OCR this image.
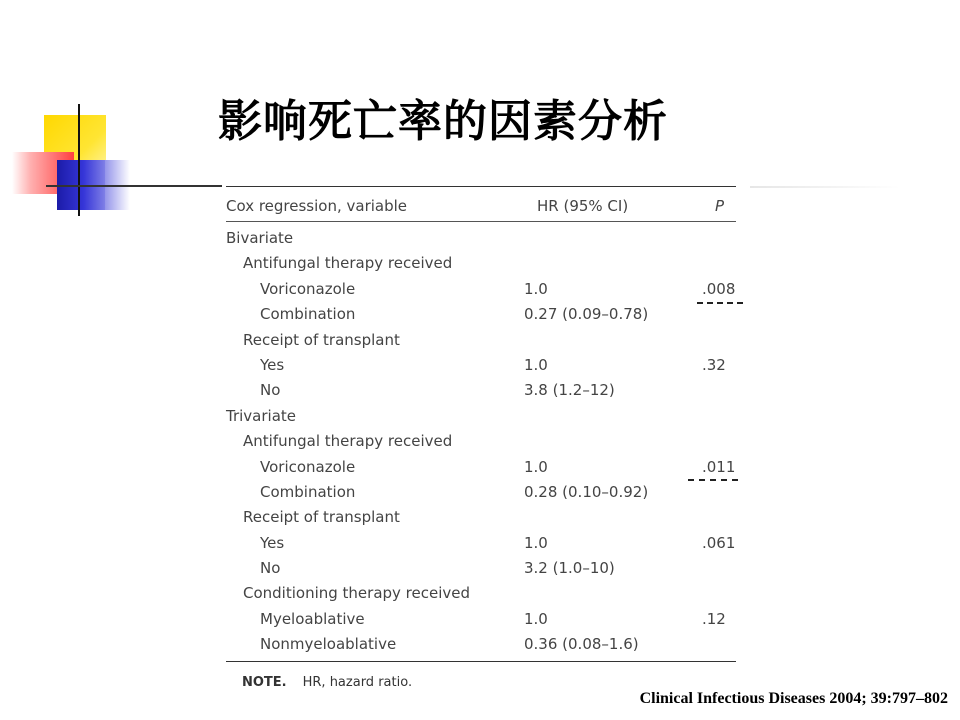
影响死亡率的因素分析
Cox regression, variable	HR (95% CI)	P
Bivariate
Antifungal therapy received
Voriconazole	1.0	.008
Combination	0.27 (0.09–0.78)
Receipt of transplant
Yes	1.0	.32
No	3.8 (1.2–12)
Trivariate
Antifungal therapy received
Voriconazole	1.0	.011
Combination	0.28 (0.10–0.92)
Receipt of transplant
Yes	1.0	.061
No	3.2 (1.0–10)
Conditioning therapy received
Myeloablative	1.0	.12
Nonmyeloablative	0.36 (0.08–1.6)
NOTE. HR, hazard ratio.
Clinical Infectious Diseases 2004; 39:797–802
